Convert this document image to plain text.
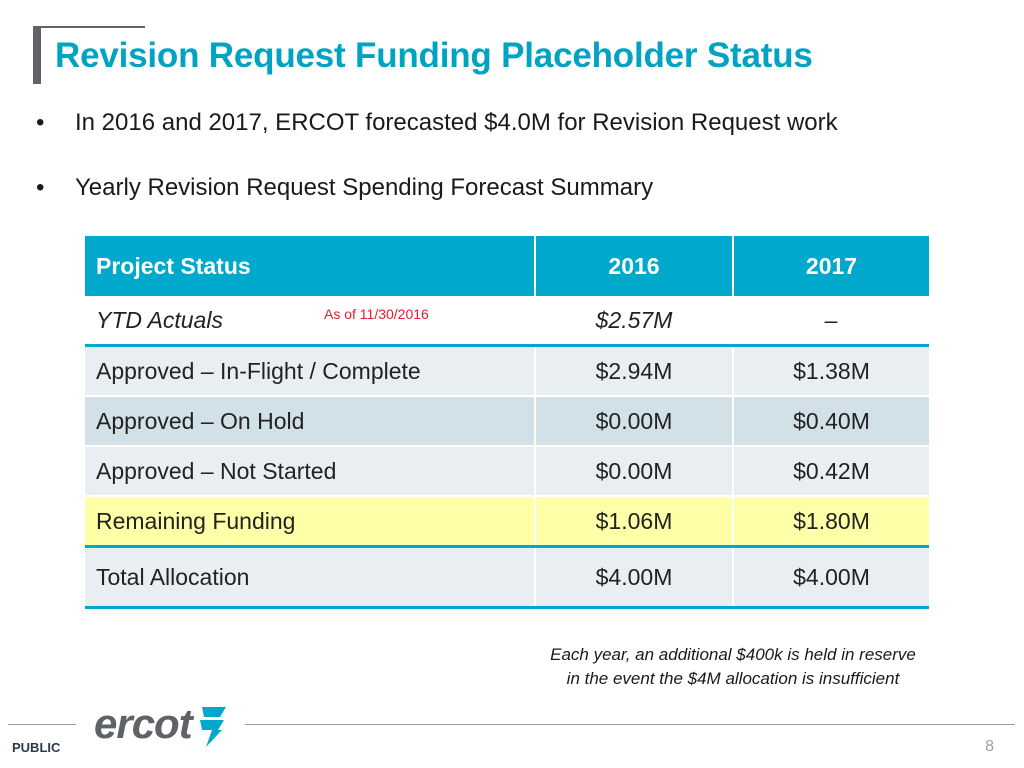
Revision Request Funding Placeholder Status
• In 2016 and 2017, ERCOT forecasted $4.0M for Revision Request work
• Yearly Revision Request Spending Forecast Summary
Project Status	2016	2017
YTD Actuals As of 11/30/2016	$2.57M	–
Approved – In-Flight / Complete	$2.94M	$1.38M
Approved – On Hold	$0.00M	$0.40M
Approved – Not Started	$0.00M	$0.42M
Remaining Funding	$1.06M	$1.80M
Total Allocation	$4.00M	$4.00M
Each year, an additional $400k is held in reserve
in the event the $4M allocation is insufficient
ercot
PUBLIC	8
